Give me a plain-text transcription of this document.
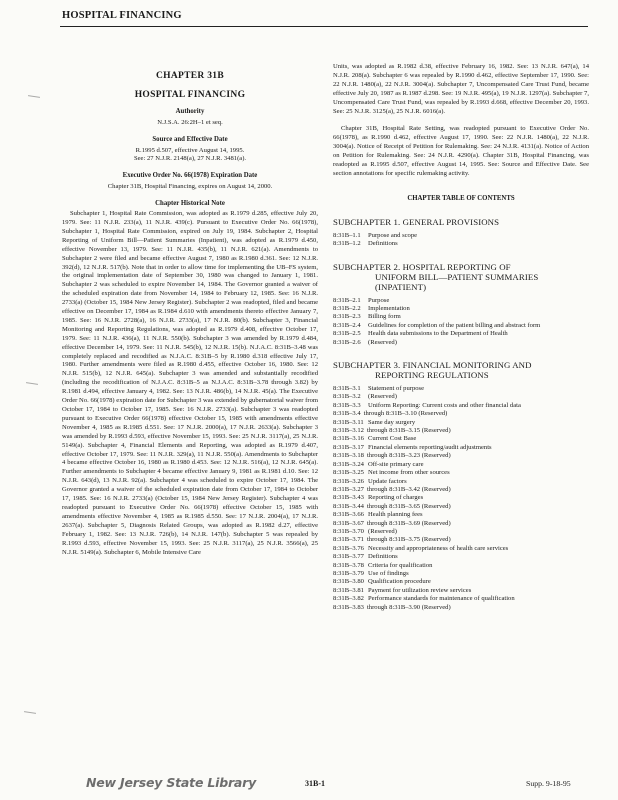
HOSPITAL FINANCING
CHAPTER 31B
HOSPITAL FINANCING
Authority
N.J.S.A. 26:2H–1 et seq.
Source and Effective Date
R.1995 d.507, effective August 14, 1995.
See: 27 N.J.R. 2148(a), 27 N.J.R. 3481(a).
Executive Order No. 66(1978) Expiration Date
Chapter 31B, Hospital Financing, expires on August 14, 2000.
Chapter Historical Note

Subchapter 1, Hospital Rate Commission, was adopted as R.1979 d.285, effective July 20, 1979. See: 11 N.J.R. 233(a), 11 N.J.R. 439(c). Pursuant to Executive Order No. 66(1978), Subchapter 1, Hospital Rate Commission, expired on July 19, 1984. Subchapter 2, Hospital Reporting of Uniform Bill—Patient Summaries (Inpatient), was adopted as R.1979 d.450, effective November 13, 1979. See: 11 N.J.R. 435(b), 11 N.J.R. 621(a). Amendments to Subchapter 2 were filed and became effective August 7, 1980 as R.1980 d.361. See: 12 N.J.R. 392(d), 12 N.J.R. 517(b). Note that in order to allow time for implementing the UB–FS system, the original implementation date of September 30, 1980 was changed to January 1, 1981. Subchapter 2 was scheduled to expire November 14, 1984. The Governor granted a waiver of the scheduled expiration date from November 14, 1984 to February 12, 1985. See: 16 N.J.R. 2733(a) (October 15, 1984 New Jersey Register). Subchapter 2 was readopted, filed and became effective on December 17, 1984 as R.1984 d.610 with amendments thereto effective January 7, 1985. See: 16 N.J.R. 2728(a), 16 N.J.R. 2733(a), 17 N.J.R. 80(b). Subchapter 3, Financial Monitoring and Reporting Regulations, was adopted as R.1979 d.408, effective October 17, 1979. See: 11 N.J.R. 436(a), 11 N.J.R. 550(b). Subchapter 3 was amended by R.1979 d.484, effective December 14, 1979. See: 11 N.J.R. 545(b), 12 N.J.R. 15(b). N.J.A.C. 8:31B–3.48 was completely replaced and recodified as N.J.A.C. 8:31B–5 by R.1980 d.318 effective July 17, 1980. Further amendments were filed as R.1980 d.455, effective October 16, 1980. See: 12 N.J.R. 515(b), 12 N.J.R. 645(a). Subchapter 3 was amended and substantially recodified (including the recodification of N.J.A.C. 8:31B–5 as N.J.A.C. 8:31B–3.78 through 3.82) by R.1981 d.494, effective January 4, 1982. See: 13 N.J.R. 486(b), 14 N.J.R. 45(a). The Executive Order No. 66(1978) expiration date for Subchapter 3 was extended by gubernatorial waiver from October 17, 1984 to October 17, 1985. See: 16 N.J.R. 2733(a). Subchapter 3 was readopted pursuant to Executive Order 66(1978) effective October 15, 1985 with amendments effective November 4, 1985 as R.1985 d.551. See: 17 N.J.R. 2000(a), 17 N.J.R. 2633(a). Subchapter 3 was amended by R.1993 d.593, effective November 15, 1993. See: 25 N.J.R. 3117(a), 25 N.J.R. 5149(a). Subchapter 4, Financial Elements and Reporting, was adopted as R.1979 d.407, effective October 17, 1979. See: 11 N.J.R. 329(a), 11 N.J.R. 550(a). Amendments to Subchapter 4 became effective October 16, 1980 as R.1980 d.453. See: 12 N.J.R. 516(a), 12 N.J.R. 645(a). Further amendments to Subchapter 4 became effective January 9, 1981 as R.1981 d.10. See: 12 N.J.R. 643(d), 13 N.J.R. 92(a). Subchapter 4 was scheduled to expire October 17, 1984. The Governor granted a waiver of the scheduled expiration date from October 17, 1984 to October 17, 1985. See: 16 N.J.R. 2733(a) (October 15, 1984 New Jersey Register). Subchapter 4 was readopted pursuant to Executive Order No. 66(1978) effective October 15, 1985 with amendments effective November 4, 1985 as R.1985 d.550. See: 17 N.J.R. 2004(a), 17 N.J.R. 2637(a). Subchapter 5, Diagnosis Related Groups, was adopted as R.1982 d.27, effective February 1, 1982. See: 13 N.J.R. 726(b), 14 N.J.R. 147(b). Subchapter 5 was repealed by R.1993 d.593, effective November 15, 1993. See: 25 N.J.R. 3117(a), 25 N.J.R. 3566(a), 25 N.J.R. 5149(a). Subchapter 6, Mobile Intensive Care

Units, was adopted as R.1982 d.38, effective February 16, 1982. See: 13 N.J.R. 647(a), 14 N.J.R. 208(a). Subchapter 6 was repealed by R.1990 d.462, effective September 17, 1990. See: 22 N.J.R. 1480(a), 22 N.J.R. 3004(a). Subchapter 7, Uncompensated Care Trust Fund, became effective July 20, 1987 as R.1987 d.298. See: 19 N.J.R. 495(a), 19 N.J.R. 1297(a). Subchapter 7, Uncompensated Care Trust Fund, was repealed by R.1993 d.668, effective December 20, 1993. See: 25 N.J.R. 3125(a), 25 N.J.R. 6016(a).

Chapter 31B, Hospital Rate Setting, was readopted pursuant to Executive Order No. 66(1978), as R.1990 d.462, effective August 17, 1990. See: 22 N.J.R. 1480(a), 22 N.J.R. 3004(a). Notice of Receipt of Petition for Rulemaking. See: 24 N.J.R. 4131(a). Notice of Action on Petition for Rulemaking. See: 24 N.J.R. 4290(a). Chapter 31B, Hospital Financing, was readopted as R.1995 d.507, effective August 14, 1995. See: Source and Effective Date. See section annotations for specific rulemaking activity.

CHAPTER TABLE OF CONTENTS
SUBCHAPTER 1. GENERAL PROVISIONS
8:31B–1.1	Purpose and scope
8:31B–1.2	Definitions
SUBCHAPTER 2. HOSPITAL REPORTING OF
UNIFORM BILL—PATIENT SUMMARIES
(INPATIENT)
8:31B–2.1	Purpose
8:31B–2.2	Implementation
8:31B–2.3	Billing form
8:31B–2.4	Guidelines for completion of the patient billing and abstract form
8:31B–2.5	Health data submissions to the Department of Health
8:31B–2.6	(Reserved)
SUBCHAPTER 3. FINANCIAL MONITORING AND
REPORTING REGULATIONS
8:31B–3.1	Statement of purpose
8:31B–3.2	(Reserved)
8:31B–3.3	Uniform Reporting: Current costs and other financial data
8:31B–3.4 through 8:31B–3.10 (Reserved)
8:31B–3.11 Same day surgery
8:31B–3.12 through 8:31B–3.15 (Reserved)
8:31B–3.16 Current Cost Base
8:31B–3.17 Financial elements reporting/audit adjustments
8:31B–3.18 through 8:31B–3.23 (Reserved)
8:31B–3.24 Off-site primary care
8:31B–3.25 Net income from other sources
8:31B–3.26 Update factors
8:31B–3.27 through 8:31B–3.42 (Reserved)
8:31B–3.43 Reporting of charges
8:31B–3.44 through 8:31B–3.65 (Reserved)
8:31B–3.66 Health planning fees
8:31B–3.67 through 8:31B–3.69 (Reserved)
8:31B–3.70 (Reserved)
8:31B–3.71 through 8:31B–3.75 (Reserved)
8:31B–3.76 Necessity and appropriateness of health care services
8:31B–3.77 Definitions
8:31B–3.78 Criteria for qualification
8:31B–3.79 Use of findings
8:31B–3.80 Qualification procedure
8:31B–3.81 Payment for utilization review services
8:31B–3.82 Performance standards for maintenance of qualification
8:31B–3.83 through 8:31B–3.90 (Reserved)
New Jersey State Library	31B-1	Supp. 9-18-95
